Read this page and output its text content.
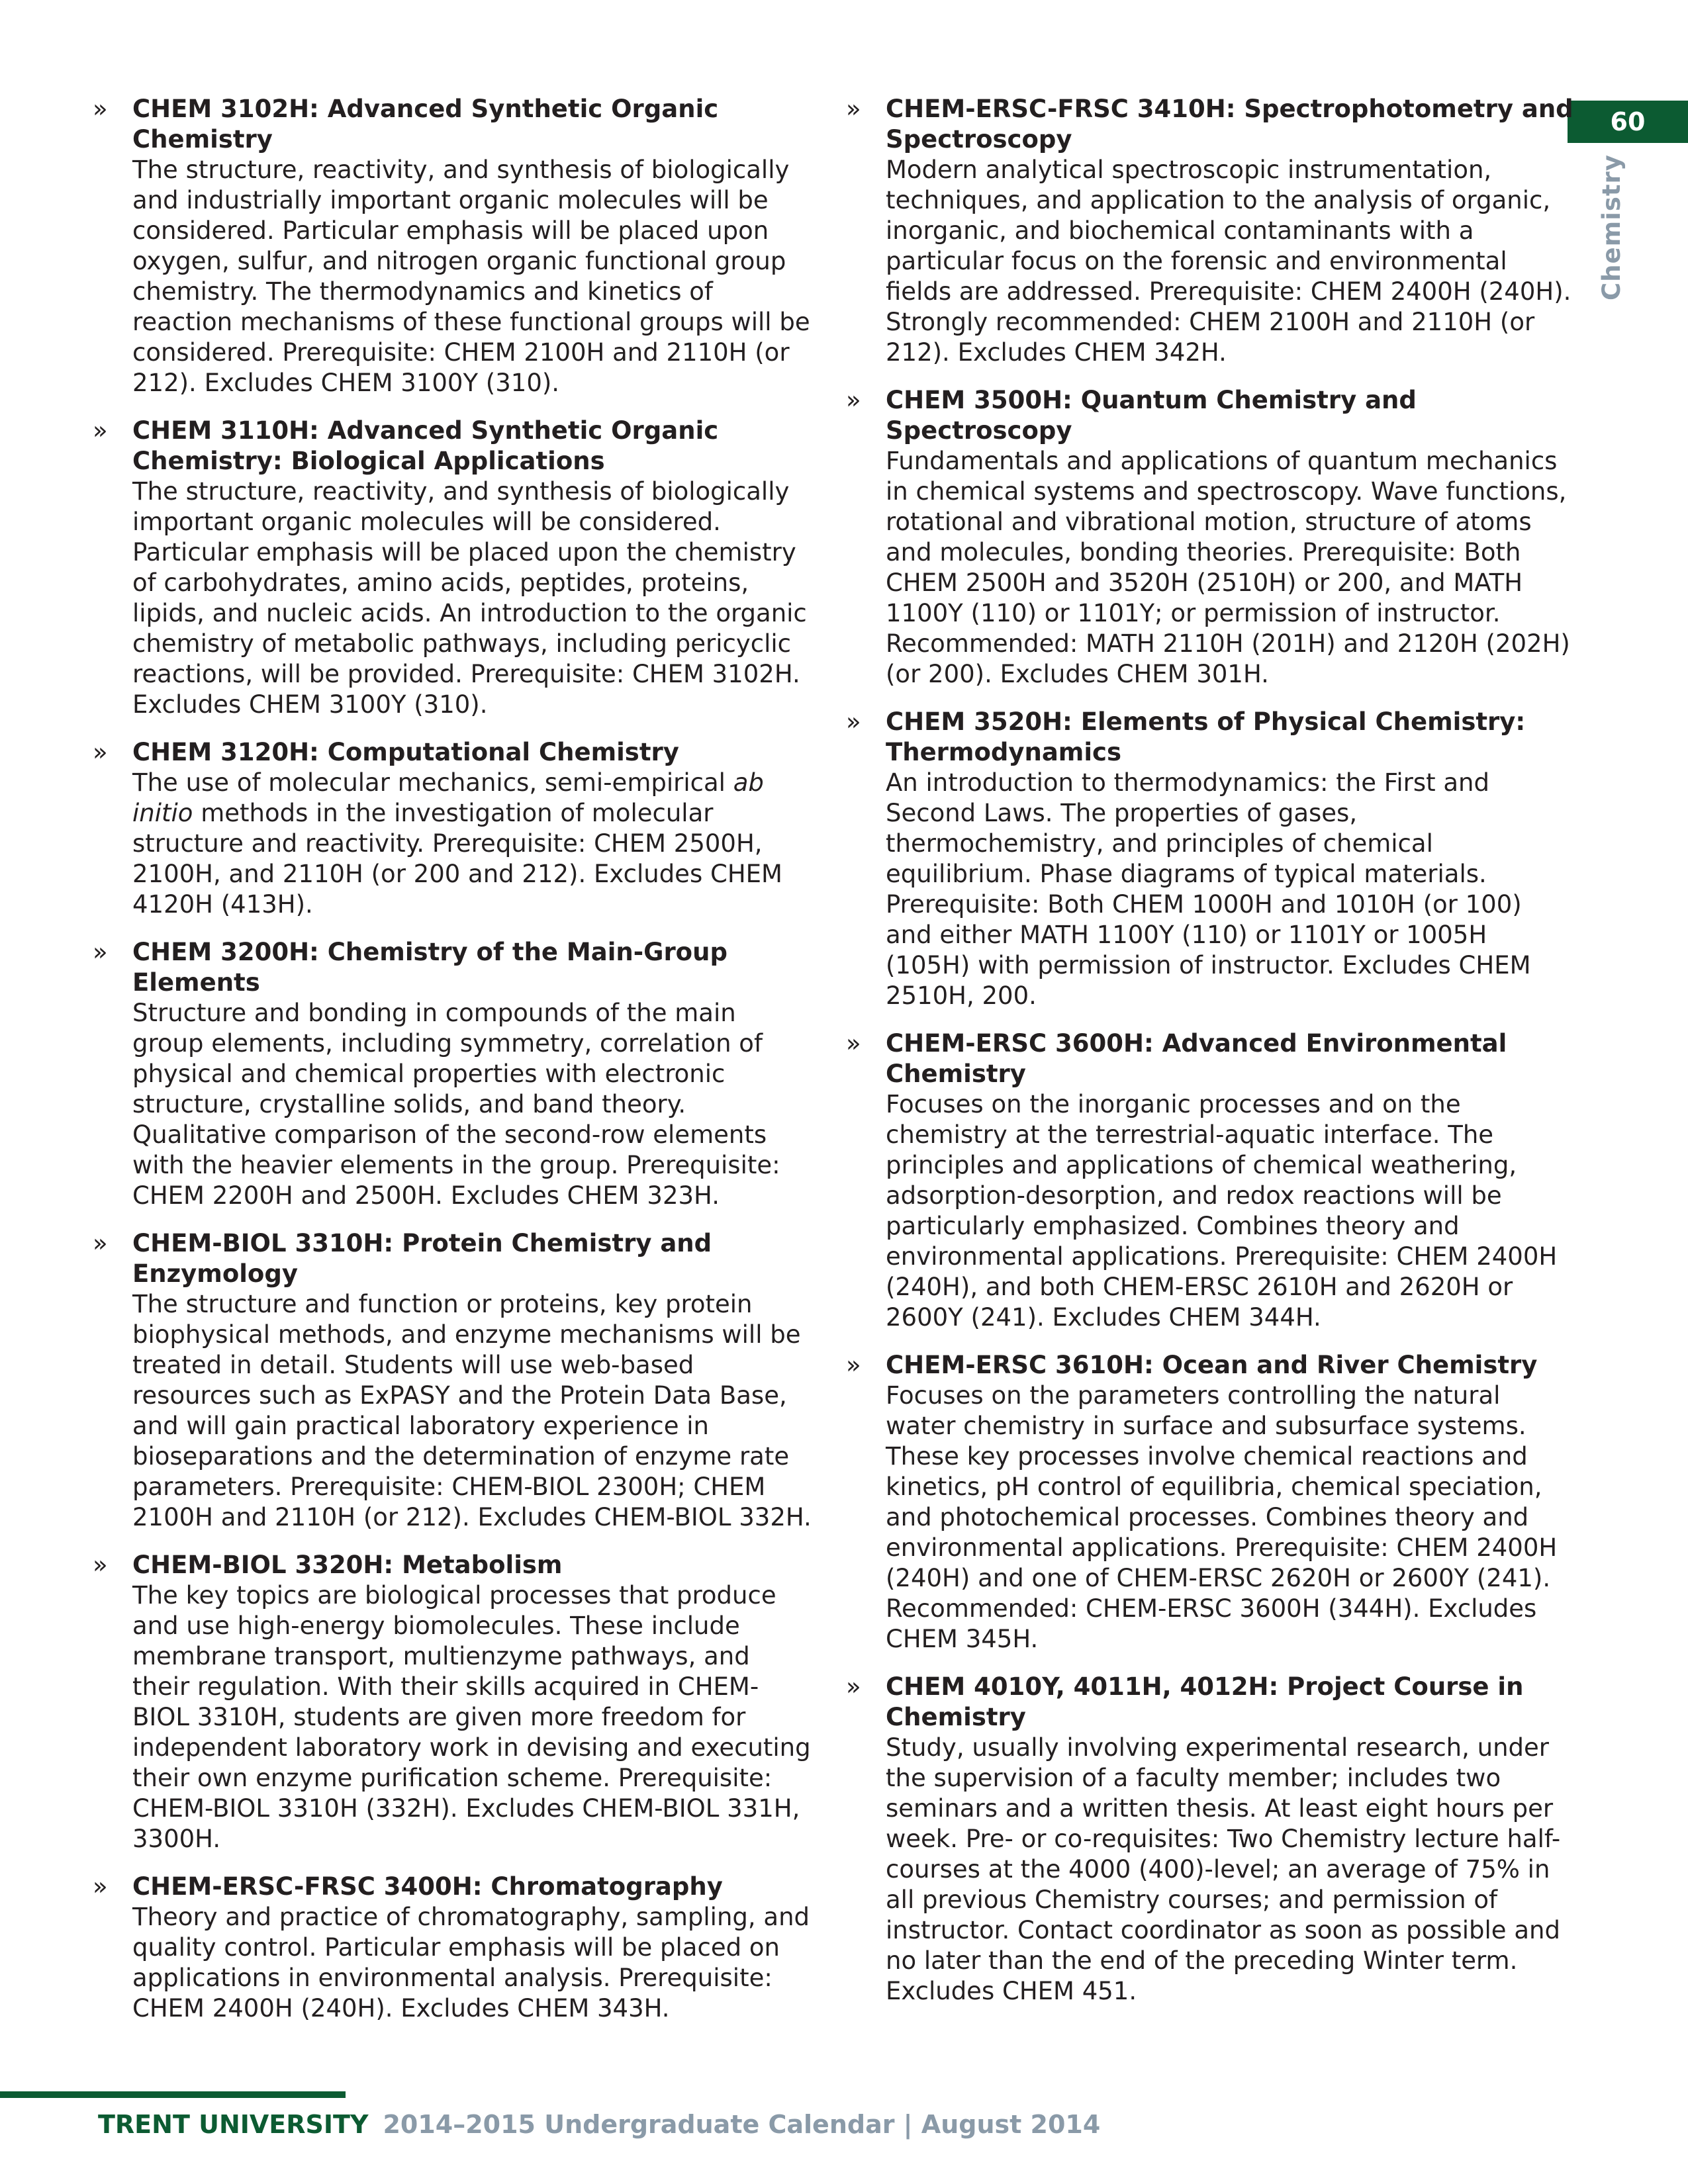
60
Chemistry
» CHEM 3102H: Advanced Synthetic Organic Chemistry
The structure, reactivity, and synthesis of biologically and industrially important organic molecules will be considered. Particular emphasis will be placed upon oxygen, sulfur, and nitrogen organic functional group chemistry. The thermodynamics and kinetics of reaction mechanisms of these functional groups will be considered. Prerequisite: CHEM 2100H and 2110H (or 212). Excludes CHEM 3100Y (310).
» CHEM 3110H: Advanced Synthetic Organic Chemistry: Biological Applications
The structure, reactivity, and synthesis of biologically important organic molecules will be considered. Particular emphasis will be placed upon the chemistry of carbohydrates, amino acids, peptides, proteins, lipids, and nucleic acids. An introduction to the organic chemistry of metabolic pathways, including pericyclic reactions, will be provided. Prerequisite: CHEM 3102H. Excludes CHEM 3100Y (310).
» CHEM 3120H: Computational Chemistry
The use of molecular mechanics, semi-empirical ab initio methods in the investigation of molecular structure and reactivity. Prerequisite: CHEM 2500H, 2100H, and 2110H (or 200 and 212). Excludes CHEM 4120H (413H).
» CHEM 3200H: Chemistry of the Main-Group Elements
Structure and bonding in compounds of the main group elements, including symmetry, correlation of physical and chemical properties with electronic structure, crystalline solids, and band theory. Qualitative comparison of the second-row elements with the heavier elements in the group. Prerequisite: CHEM 2200H and 2500H. Excludes CHEM 323H.
» CHEM-BIOL 3310H: Protein Chemistry and Enzymology
The structure and function or proteins, key protein biophysical methods, and enzyme mechanisms will be treated in detail. Students will use web-based resources such as ExPASY and the Protein Data Base, and will gain practical laboratory experience in bioseparations and the determination of enzyme rate parameters. Prerequisite: CHEM-BIOL 2300H; CHEM 2100H and 2110H (or 212). Excludes CHEM-BIOL 332H.
» CHEM-BIOL 3320H: Metabolism
The key topics are biological processes that produce and use high-energy biomolecules. These include membrane transport, multienzyme pathways, and their regulation. With their skills acquired in CHEM-BIOL 3310H, students are given more freedom for independent laboratory work in devising and executing their own enzyme purification scheme. Prerequisite: CHEM-BIOL 3310H (332H). Excludes CHEM-BIOL 331H, 3300H.
» CHEM-ERSC-FRSC 3400H: Chromatography
Theory and practice of chromatography, sampling, and quality control. Particular emphasis will be placed on applications in environmental analysis. Prerequisite: CHEM 2400H (240H). Excludes CHEM 343H.
» CHEM-ERSC-FRSC 3410H: Spectrophotometry and Spectroscopy
Modern analytical spectroscopic instrumentation, techniques, and application to the analysis of organic, inorganic, and biochemical contaminants with a particular focus on the forensic and environmental fields are addressed. Prerequisite: CHEM 2400H (240H). Strongly recommended: CHEM 2100H and 2110H (or 212). Excludes CHEM 342H.
» CHEM 3500H: Quantum Chemistry and Spectroscopy
Fundamentals and applications of quantum mechanics in chemical systems and spectroscopy. Wave functions, rotational and vibrational motion, structure of atoms and molecules, bonding theories. Prerequisite: Both CHEM 2500H and 3520H (2510H) or 200, and MATH 1100Y (110) or 1101Y; or permission of instructor. Recommended: MATH 2110H (201H) and 2120H (202H) (or 200). Excludes CHEM 301H.
» CHEM 3520H: Elements of Physical Chemistry: Thermodynamics
An introduction to thermodynamics: the First and Second Laws. The properties of gases, thermochemistry, and principles of chemical equilibrium. Phase diagrams of typical materials. Prerequisite: Both CHEM 1000H and 1010H (or 100) and either MATH 1100Y (110) or 1101Y or 1005H (105H) with permission of instructor. Excludes CHEM 2510H, 200.
» CHEM-ERSC 3600H: Advanced Environmental Chemistry
Focuses on the inorganic processes and on the chemistry at the terrestrial-aquatic interface. The principles and applications of chemical weathering, adsorption-desorption, and redox reactions will be particularly emphasized. Combines theory and environmental applications. Prerequisite: CHEM 2400H (240H), and both CHEM-ERSC 2610H and 2620H or 2600Y (241). Excludes CHEM 344H.
» CHEM-ERSC 3610H: Ocean and River Chemistry
Focuses on the parameters controlling the natural water chemistry in surface and subsurface systems. These key processes involve chemical reactions and kinetics, pH control of equilibria, chemical speciation, and photochemical processes. Combines theory and environmental applications. Prerequisite: CHEM 2400H (240H) and one of CHEM-ERSC 2620H or 2600Y (241). Recommended: CHEM-ERSC 3600H (344H). Excludes CHEM 345H.
» CHEM 4010Y, 4011H, 4012H: Project Course in Chemistry
Study, usually involving experimental research, under the supervision of a faculty member; includes two seminars and a written thesis. At least eight hours per week. Pre- or co-requisites: Two Chemistry lecture half-courses at the 4000 (400)-level; an average of 75% in all previous Chemistry courses; and permission of instructor. Contact coordinator as soon as possible and no later than the end of the preceding Winter term. Excludes CHEM 451.
TRENT UNIVERSITY 2014–2015 Undergraduate Calendar | August 2014
